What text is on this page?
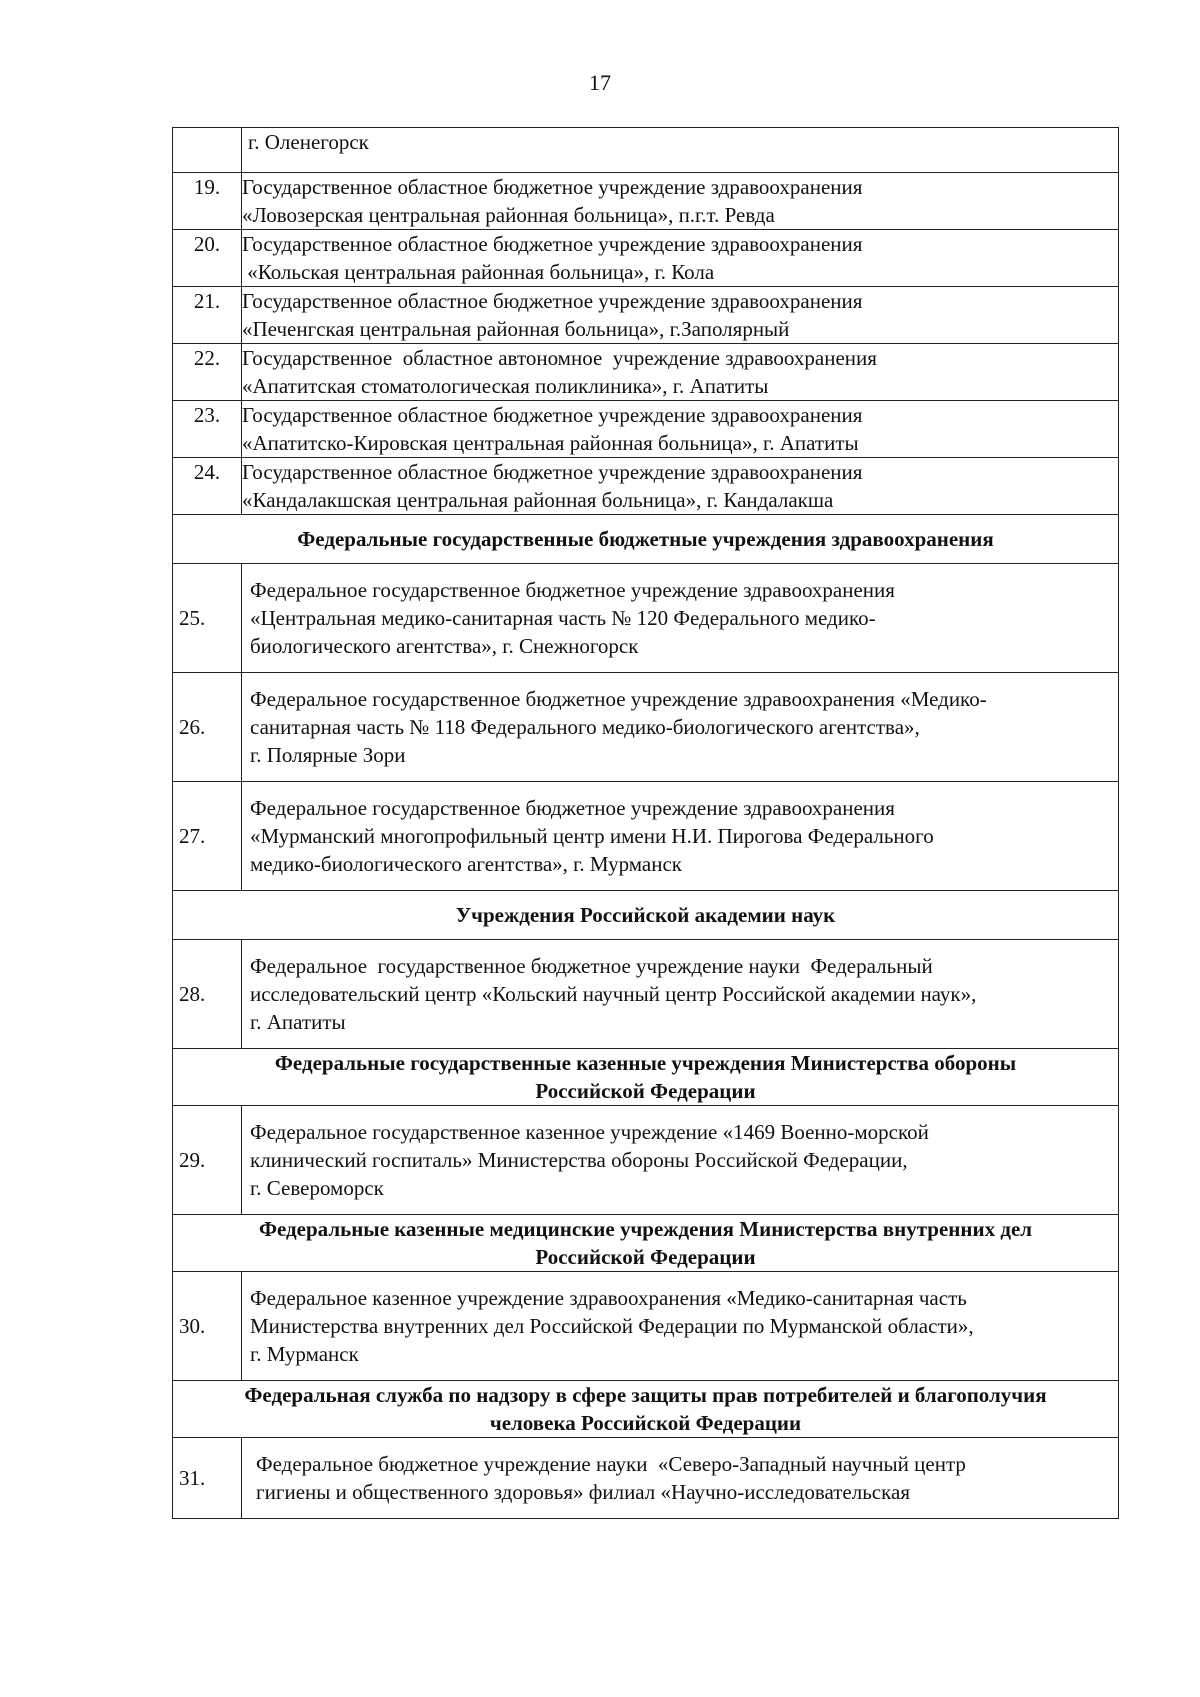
17

	г. Оленегорск

19.	Государственное областное бюджетное учреждение здравоохранения
«Ловозерская центральная районная больница», п.г.т. Ревда

20.	Государственное областное бюджетное учреждение здравоохранения
«Кольская центральная районная больница», г. Кола

21.	Государственное областное бюджетное учреждение здравоохранения
«Печенгская центральная районная больница», г.Заполярный

22.	Государственное  областное автономное  учреждение здравоохранения
«Апатитская стоматологическая поликлиника», г. Апатиты

23.	Государственное областное бюджетное учреждение здравоохранения
«Апатитско-Кировская центральная районная больница», г. Апатиты

24.	Государственное областное бюджетное учреждение здравоохранения
«Кандалакшская центральная районная больница», г. Кандалакша

Федеральные государственные бюджетные учреждения здравоохранения	

25.	Федеральное государственное бюджетное учреждение здравоохранения
«Центральная медико-санитарная часть № 120 Федерального медико-
биологического агентства», г. Снежногорск

26.	Федеральное государственное бюджетное учреждение здравоохранения «Медико-
санитарная часть № 118 Федерального медико-биологического агентства»,
г. Полярные Зори

27.	Федеральное государственное бюджетное учреждение здравоохранения
«Мурманский многопрофильный центр имени Н.И. Пирогова Федерального
медико-биологического агентства», г. Мурманск

Учреждения Российской академии наук	

28.	Федеральное  государственное бюджетное учреждение науки  Федеральный
исследовательский центр «Кольский научный центр Российской академии наук»,
г. Апатиты

Федеральные государственные казенные учреждения Министерства обороны
Российской Федерации	

29.	Федеральное государственное казенное учреждение «1469 Военно-морской
клинический госпиталь» Министерства обороны Российской Федерации,
г. Североморск

Федеральные казенные медицинские учреждения Министерства внутренних дел
Российской Федерации	

30.	Федеральное казенное учреждение здравоохранения «Медико-санитарная часть
Министерства внутренних дел Российской Федерации по Мурманской области»,
г. Мурманск

Федеральная служба по надзору в сфере защиты прав потребителей и благополучия
человека Российской Федерации	

31.	Федеральное бюджетное учреждение науки  «Северо-Западный научный центр
гигиены и общественного здоровья» филиал «Научно-исследовательская
